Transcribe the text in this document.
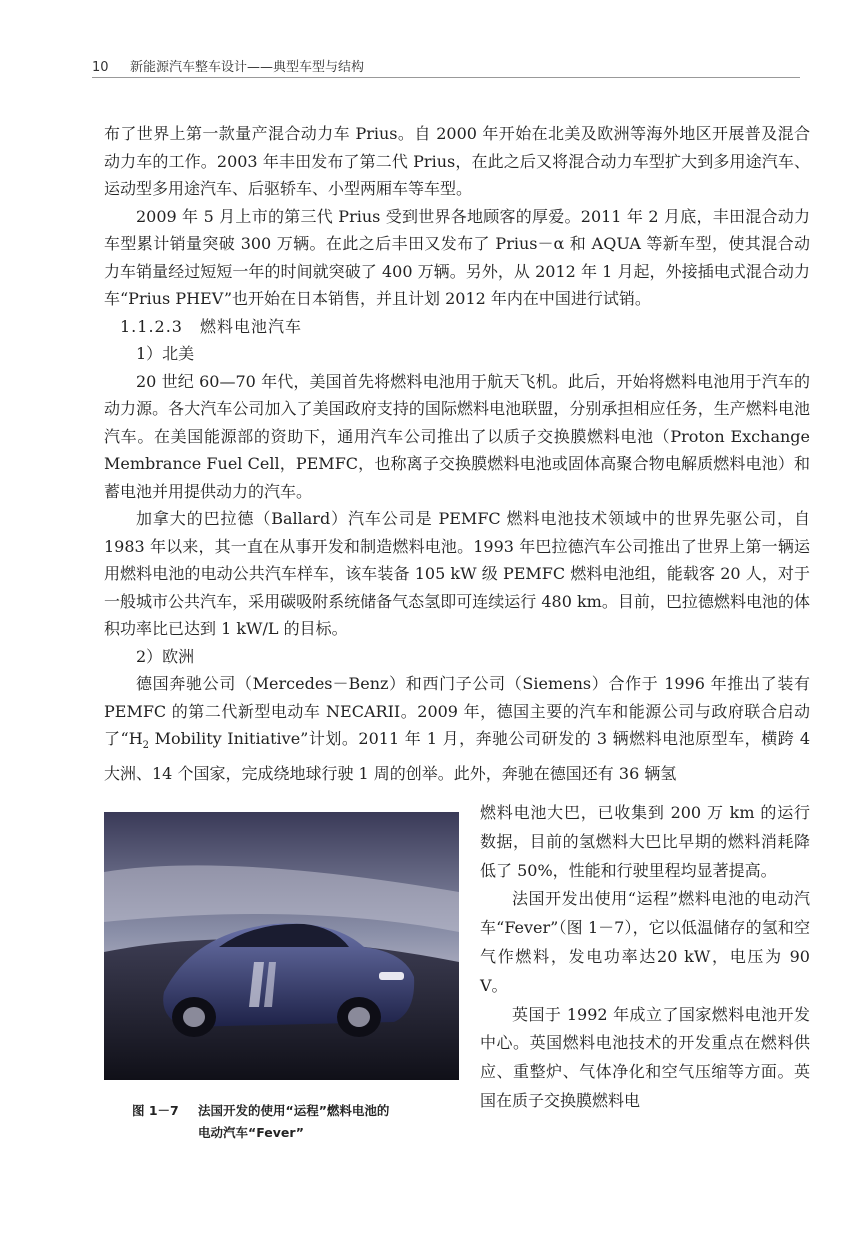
10 新能源汽车整车设计——典型车型与结构

布了世界上第一款量产混合动力车 Prius。自 2000 年开始在北美及欧洲等海外地区开展普及混合动力车的工作。2003 年丰田发布了第二代 Prius，在此之后又将混合动力车型扩大到多用途汽车、运动型多用途汽车、后驱轿车、小型两厢车等车型。

2009 年 5 月上市的第三代 Prius 受到世界各地顾客的厚爱。2011 年 2 月底，丰田混合动力车型累计销量突破 300 万辆。在此之后丰田又发布了 Prius－α 和 AQUA 等新车型，使其混合动力车销量经过短短一年的时间就突破了 400 万辆。另外，从 2012 年 1 月起，外接插电式混合动力车“Prius PHEV”也开始在日本销售，并且计划 2012 年内在中国进行试销。

1.1.2.3　燃料电池汽车

1）北美

20 世纪 60—70 年代，美国首先将燃料电池用于航天飞机。此后，开始将燃料电池用于汽车的动力源。各大汽车公司加入了美国政府支持的国际燃料电池联盟，分别承担相应任务，生产燃料电池汽车。在美国能源部的资助下，通用汽车公司推出了以质子交换膜燃料电池（Proton Exchange Membrance Fuel Cell，PEMFC，也称离子交换膜燃料电池或固体高聚合物电解质燃料电池）和蓄电池并用提供动力的汽车。

加拿大的巴拉德（Ballard）汽车公司是 PEMFC 燃料电池技术领域中的世界先驱公司，自 1983 年以来，其一直在从事开发和制造燃料电池。1993 年巴拉德汽车公司推出了世界上第一辆运用燃料电池的电动公共汽车样车，该车装备 105 kW 级 PEMFC 燃料电池组，能载客 20 人，对于一般城市公共汽车，采用碳吸附系统储备气态氢即可连续运行 480 km。目前，巴拉德燃料电池的体积功率比已达到 1 kW/L 的目标。

2）欧洲

德国奔驰公司（Mercedes－Benz）和西门子公司（Siemens）合作于 1996 年推出了装有 PEMFC 的第二代新型电动车 NECARII。2009 年，德国主要的汽车和能源公司与政府联合启动了“$H_2$ Mobility Initiative”计划。2011 年 1 月，奔驰公司研发的 3 辆燃料电池原型车，横跨 4 大洲、14 个国家，完成绕地球行驶 1 周的创举。此外，奔驰在德国还有 36 辆氢

燃料电池大巴，已收集到 200 万 km 的运行数据，目前的氢燃料大巴比早期的燃料消耗降低了 50%，性能和行驶里程均显著提高。

法国开发出使用“运程”燃料电池的电动汽车“Fever”（图 1－7），它以低温储存的氢和空气作燃料，发电功率达20 kW，电压为 90 V。

英国于 1992 年成立了国家燃料电池开发中心。英国燃料电池技术的开发重点在燃料供应、重整炉、气体净化和空气压缩等方面。英国在质子交换膜燃料电

图 1－7 法国开发的使用“运程”燃料电池的
电动汽车“Fever”
